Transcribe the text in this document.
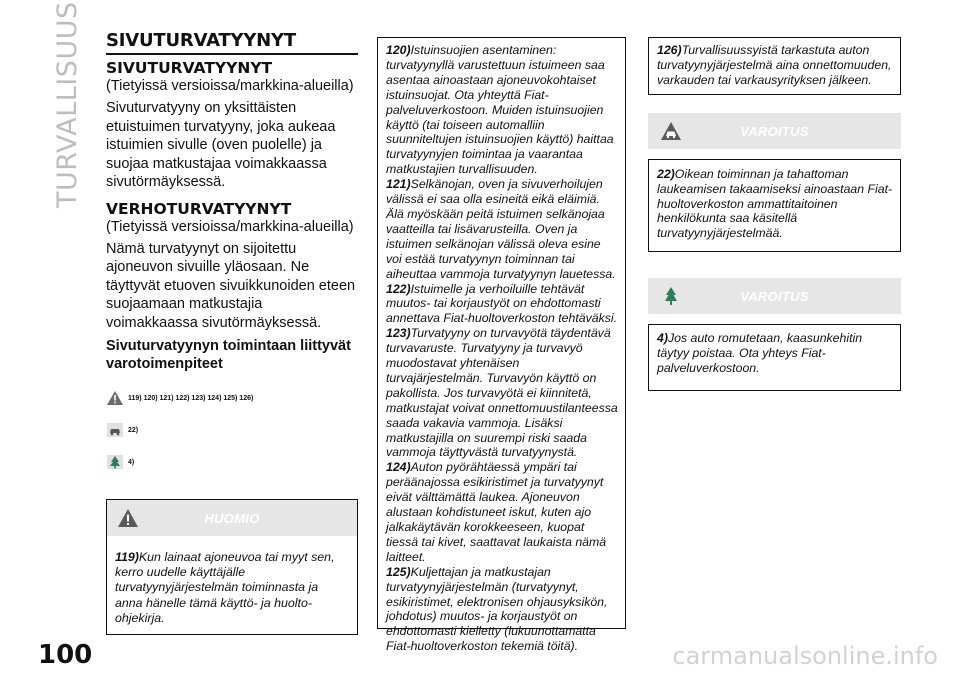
TURVALLISUUS SIVUTURVATYYNYT
SIVUTURVATYYNYT

(Tietyissä versioissa/markkina-alueilla)

Sivuturvatyyny on yksittäisten etuistuimen turvatyyny, joka aukeaa istuimien sivulle (oven puolelle) ja suojaa matkustajaa voimakkaassa sivutörmäyksessä.

VERHOTURVATYYNYT

(Tietyissä versioissa/markkina-alueilla)

Nämä turvatyynyt on sijoitettu ajoneuvon sivuille yläosaan. Ne täyttyvät etuoven sivuikkunoiden eteen suojaamaan matkustajia voimakkaassa sivutörmäyksessä.

Sivuturvatyynyn toimintaan liittyvät varotoimenpiteet

119) 120) 121) 122) 123) 124) 125) 126)
22)
4)
HUOMIO
119)Kun lainaat ajoneuvoa tai myyt sen, kerro uudelle käyttäjälle turvatyynyjärjestelmän toiminnasta ja anna hänelle tämä käyttö- ja huolto-ohjekirja.

120)Istuinsuojien asentaminen: turvatyynyllä varustettuun istuimeen saa asentaa ainoastaan ajoneuvokohtaiset istuinsuojat. Ota yhteyttä Fiat-palveluverkostoon. Muiden istuinsuojien käyttö (tai toiseen automalliin suunniteltujen istuinsuojien käyttö) haittaa turvatyynyjen toimintaa ja vaarantaa matkustajien turvallisuuden.

121)Selkänojan, oven ja sivuverhoilujen välissä ei saa olla esineitä eikä eläimiä. Älä myöskään peitä istuimen selkänojaa vaatteilla tai lisävarusteilla. Oven ja istuimen selkänojan välissä oleva esine voi estää turvatyynyn toiminnan tai aiheuttaa vammoja turvatyynyn lauetessa.

122)Istuimelle ja verhoiluille tehtävät muutos- tai korjaustyöt on ehdottomasti annettava Fiat-huoltoverkoston tehtäväksi.

123)Turvatyyny on turvavyötä täydentävä turvavaruste. Turvatyyny ja turvavyö muodostavat yhtenäisen turvajärjestelmän. Turvavyön käyttö on pakollista. Jos turvavyötä ei kiinnitetä, matkustajat voivat onnettomuustilanteessa saada vakavia vammoja. Lisäksi matkustajilla on suurempi riski saada vammoja täyttyvästä turvatyynystä.

124)Auton pyörähtäessä ympäri tai peräänajossa esikiristimet ja turvatyynyt eivät välttämättä laukea. Ajoneuvon alustaan kohdistuneet iskut, kuten ajo jalkakäytävän korokkeeseen, kuopat tiessä tai kivet, saattavat laukaista nämä laitteet.

125)Kuljettajan ja matkustajan turvatyynyjärjestelmän (turvatyynyt, esikiristimet, elektronisen ohjausyksikön, johdotus) muutos- ja korjaustyöt on ehdottomasti kielletty (lukuunottamatta Fiat-huoltoverkoston tekemiä töitä).

126)Turvallisuussyistä tarkastuta auton turvatyynyjärjestelmä aina onnettomuuden, varkauden tai varkausyrityksen jälkeen.

VAROITUS

22)Oikean toiminnan ja tahattoman laukeamisen takaamiseksi ainoastaan Fiat-huoltoverkoston ammattitaitoinen henkilökunta saa käsitellä turvatyynyjärjestelmää.

VAROITUS

4)Jos auto romutetaan, kaasunkehitin täytyy poistaa. Ota yhteys Fiat-palveluverkostoon.

100	carmanualsonline.info
